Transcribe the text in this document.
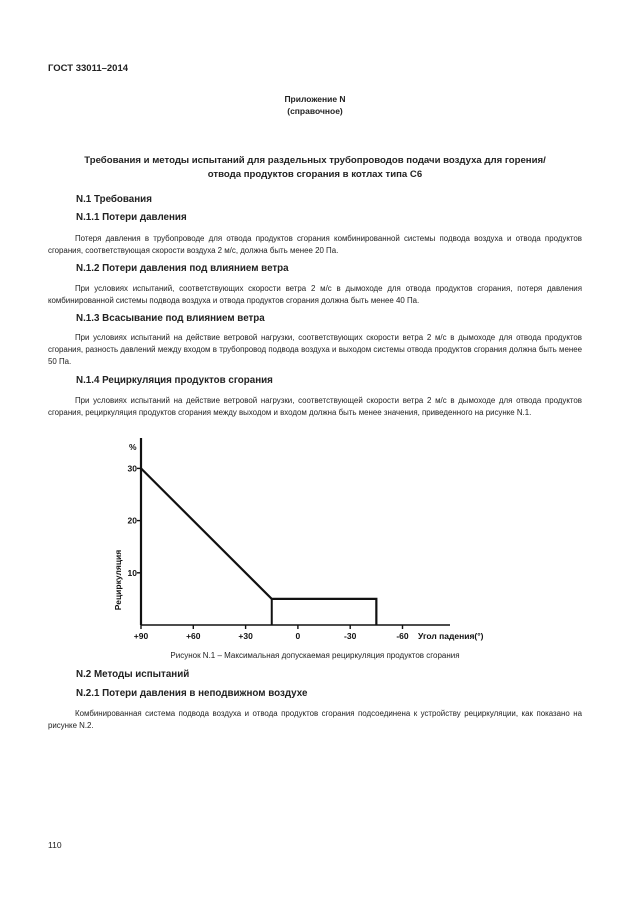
ГОСТ 33011–2014
Приложение N
(справочное)
Требования и методы испытаний для раздельных трубопроводов подачи воздуха для горения/
отвода продуктов сгорания в котлах типа С6
N.1 Требования
N.1.1 Потери давления
Потеря давления в трубопроводе для отвода продуктов сгорания комбинированной системы подвода воздуха и отвода продуктов сгорания, соответствующая скорости воздуха 2 м/с, должна быть менее 20 Па.
N.1.2 Потери давления под влиянием ветра
При условиях испытаний, соответствующих скорости ветра 2 м/с в дымоходе для отвода продуктов сгорания, потеря давления комбинированной системы подвода воздуха и отвода продуктов сгорания должна быть менее 40 Па.
N.1.3 Всасывание под влиянием ветра
При условиях испытаний на действие ветровой нагрузки, соответствующих скорости ветра 2 м/с в дымоходе для отвода продуктов сгорания, разность давлений между входом в трубопровод подвода воздуха и выходом системы отвода продуктов сгорания должна быть менее 50 Па.
N.1.4 Рециркуляция продуктов сгорания
При условиях испытаний на действие ветровой нагрузки, соответствующей скорости ветра 2 м/с в дымоходе для отвода продуктов сгорания, рециркуляция продуктов сгорания между выходом и входом должна быть менее значения, приведенного на рисунке N.1.
%
Рециркуляция
Угол падения(°)
+90	+60	+30	0	-30	-60
10
20
30
Рисунок N.1 – Максимальная допускаемая рециркуляция продуктов сгорания
N.2 Методы испытаний
N.2.1 Потери давления в неподвижном воздухе
Комбинированная система подвода воздуха и отвода продуктов сгорания подсоединена к устройству рециркуляции, как показано на рисунке N.2.
110
